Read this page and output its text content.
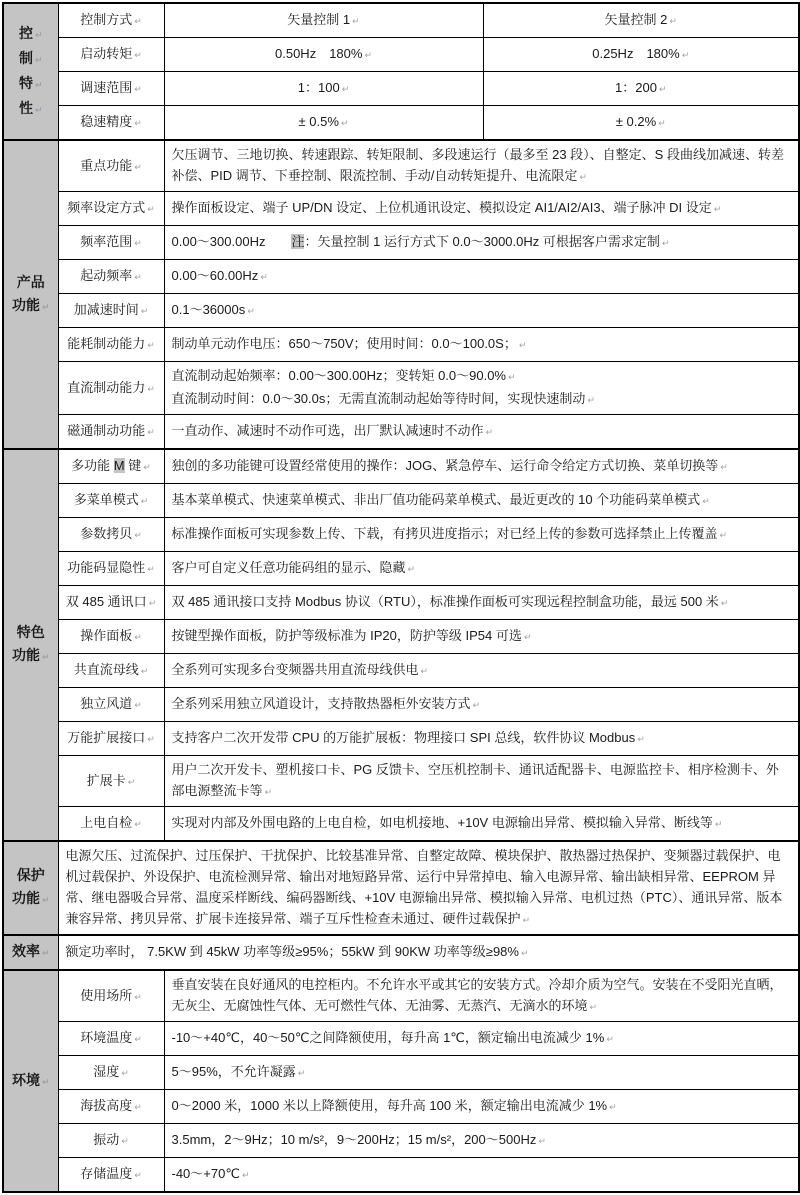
控 ↵
制 ↵
特 ↵
性 ↵	控制方式 ↵	矢量控制 1 ↵	矢量控制 2 ↵

	启动转矩 ↵	0.50Hz　180% ↵	0.25Hz　180% ↵

	调速范围 ↵	1：100 ↵	1：200 ↵

	稳速精度 ↵	± 0.5% ↵	± 0.2% ↵

产品
功能 ↵	重点功能 ↵	欠压调节、三地切换、转速跟踪、转矩限制、多段速运行（最多至 23 段）、自整定、S 段曲线加减速、转差补偿、PID 调节、下垂控制、限流控制、手动/自动转矩提升、电流限定 ↵	

	频率设定方式 ↵	操作面板设定、端子 UP/DN 设定、上位机通讯设定、模拟设定 AI1/AI2/AI3、端子脉冲 DI 设定 ↵	

	频率范围 ↵	0.00～300.00Hz　　注：矢量控制 1 运行方式下 0.0～3000.0Hz 可根据客户需求定制 ↵	

	起动频率 ↵	0.00～60.00Hz ↵	

	加减速时间 ↵	0.1～36000s ↵	

	能耗制动能力 ↵	制动单元动作电压：650～750V；使用时间：0.0～100.0S； ↵	

	直流制动能力 ↵	直流制动起始频率：0.00～300.00Hz；变转矩 0.0～90.0% ↵
直流制动时间：0.0～30.0s；无需直流制动起始等待时间，实现快速制动 ↵	

	磁通制动功能 ↵	一直动作、减速时不动作可选，出厂默认减速时不动作 ↵	

特色
功能 ↵	多功能 M 键 ↵	独创的多功能键可设置经常使用的操作：JOG、紧急停车、运行命令给定方式切换、菜单切换等 ↵	

	多菜单模式 ↵	基本菜单模式、快速菜单模式、非出厂值功能码菜单模式、最近更改的 10 个功能码菜单模式 ↵	

	参数拷贝 ↵	标准操作面板可实现参数上传、下载，有拷贝进度指示；对已经上传的参数可选择禁止上传覆盖 ↵	

	功能码显隐性 ↵	客户可自定义任意功能码组的显示、隐藏 ↵	

	双 485 通讯口 ↵	双 485 通讯接口支持 Modbus 协议（RTU），标准操作面板可实现远程控制盒功能，最远 500 米 ↵	

	操作面板 ↵	按键型操作面板，防护等级标准为 IP20，防护等级 IP54 可选 ↵	

	共直流母线 ↵	全系列可实现多台变频器共用直流母线供电 ↵	

	独立风道 ↵	全系列采用独立风道设计，支持散热器柜外安装方式 ↵	

	万能扩展接口 ↵	支持客户二次开发带 CPU 的万能扩展板：物理接口 SPI 总线，软件协议 Modbus ↵	

	扩展卡 ↵	用户二次开发卡、塑机接口卡、PG 反馈卡、空压机控制卡、通讯适配器卡、电源监控卡、相序检测卡、外部电源整流卡等 ↵	

	上电自检 ↵	实现对内部及外围电路的上电自检，如电机接地、+10V 电源输出异常、模拟输入异常、断线等 ↵	

保护
功能 ↵	电源欠压、过流保护、过压保护、干扰保护、比较基准异常、自整定故障、模块保护、散热器过热保护、变频器过载保护、电机过载保护、外设保护、电流检测异常、输出对地短路异常、运行中异常掉电、输入电源异常、输出缺相异常、EEPROM 异常、继电器吸合异常、温度采样断线、编码器断线、+10V 电源输出异常、模拟输入异常、电机过热（PTC）、通讯异常、版本兼容异常、拷贝异常、扩展卡连接异常、端子互斥性检查未通过、硬件过载保护 ↵		

效率 ↵	额定功率时， 7.5KW 到 45kW 功率等级≥95%；55kW 到 90KW 功率等级≥98% ↵		

环境 ↵	使用场所 ↵	垂直安装在良好通风的电控柜内。不允许水平或其它的安装方式。冷却介质为空气。安装在不受阳光直晒，无灰尘、无腐蚀性气体、无可燃性气体、无油雾、无蒸汽、无滴水的环境 ↵	

	环境温度 ↵	-10～+40℃，40～50℃之间降额使用，每升高 1℃，额定输出电流减少 1% ↵	

	湿度 ↵	5～95%，不允许凝露 ↵	

	海拔高度 ↵	0～2000 米，1000 米以上降额使用，每升高 100 米，额定输出电流减少 1% ↵	

	振动 ↵	3.5mm，2～9Hz；10 m/s²，9～200Hz；15 m/s²，200～500Hz ↵	

	存储温度 ↵	-40～+70℃ ↵	
